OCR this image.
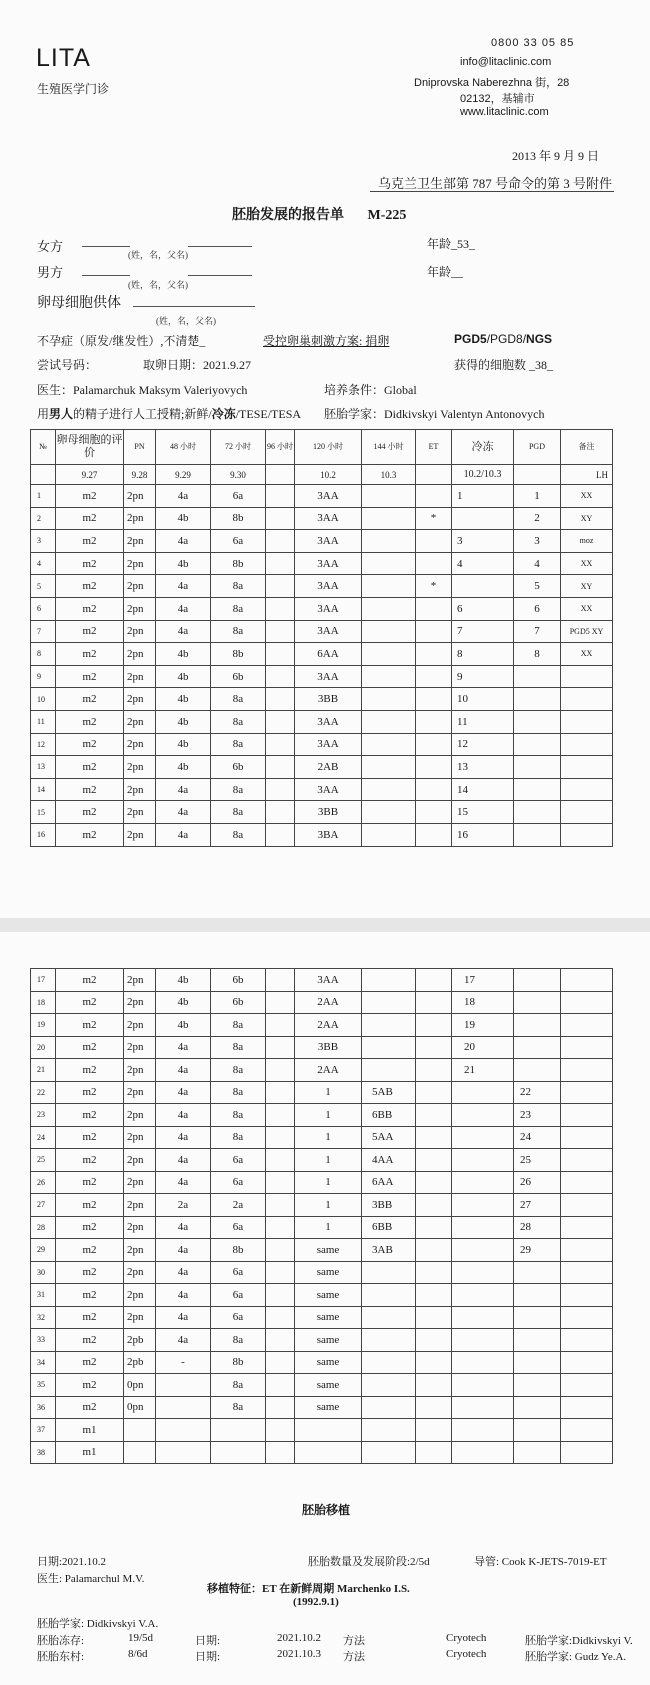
LITA
生殖医学门诊
0800 33 05 85
info@litaclinic.com
Dniprovska Naberezhna 街，28
02132，基辅市
www.litaclinic.com
2013 年 9 月 9 日
乌克兰卫生部第 787 号命令的第 3 号附件
胚胎发展的报告单 M-225
女方
(姓，名，父名)
年龄_53_
男方
(姓，名，父名)
年龄__
卵母细胞供体
(姓，名，父名)
不孕症（原发/继发性）,不清楚_	受控卵巢刺激方案: 捐卵	PGD5/PGD8/NGS
尝试号码：	取卵日期：2021.9.27	获得的细胞数 _38_
医生：Palamarchuk Maksym Valeriyovych	培养条件：Global
用男人的精子进行人工授精;新鲜/冷冻/TESE/TESA 胚胎学家：Didkivskyi Valentyn Antonovych
№	卵母细胞的评价	PN	48 小时	72 小时	96 小时	120 小时	144 小时	ET	冷冻	PGD	备注
	9.27	9.28	9.29	9.30		10.2	10.3		10.2/10.3		LH
1	m2	2pn	4a	6a		3AA			1	1	XX
2	m2	2pn	4b	8b		3AA		*		2	XY
3	m2	2pn	4a	6a		3AA			3	3	moz
4	m2	2pn	4b	8b		3AA			4	4	XX
5	m2	2pn	4a	8a		3AA		*		5	XY
6	m2	2pn	4a	8a		3AA			6	6	XX
7	m2	2pn	4a	8a		3AA			7	7	PGD5 XY
8	m2	2pn	4b	8b		6AA			8	8	XX
9	m2	2pn	4b	6b		3AA			9		
10	m2	2pn	4b	8a		3BB			10		
11	m2	2pn	4b	8a		3AA			11		
12	m2	2pn	4b	8a		3AA			12		
13	m2	2pn	4b	6b		2AB			13		
14	m2	2pn	4a	8a		3AA			14		
15	m2	2pn	4a	8a		3BB			15		
16	m2	2pn	4a	8a		3BA			16		
17	m2	2pn	4b	6b		3AA			17		
18	m2	2pn	4b	6b		2AA			18		
19	m2	2pn	4b	8a		2AA			19		
20	m2	2pn	4a	8a		3BB			20		
21	m2	2pn	4a	8a		2AA			21		
22	m2	2pn	4a	8a		1	5AB			22	
23	m2	2pn	4a	8a		1	6BB			23	
24	m2	2pn	4a	8a		1	5AA			24	
25	m2	2pn	4a	6a		1	4AA			25	
26	m2	2pn	4a	6a		1	6AA			26	
27	m2	2pn	2a	2a		1	3BB			27	
28	m2	2pn	4a	6a		1	6BB			28	
29	m2	2pn	4a	8b		same	3AB			29	
30	m2	2pn	4a	6a		same					
31	m2	2pn	4a	6a		same					
32	m2	2pn	4a	6a		same					
33	m2	2pb	4a	8a		same					
34	m2	2pb	-	8b		same					
35	m2	0pn		8a		same					
36	m2	0pn		8a		same					
37	m1										
38	m1										
胚胎移植
日期:2021.10.2	胚胎数量及发展阶段:2/5d	导管: Cook K-JETS-7019-ET
医生: Palamarchul M.V.
移植特征：ET 在新鲜周期 Marchenko I.S.
(1992.9.1)
胚胎学家: Didkivskyi V.A.
胚胎冻存:	19/5d	日期:	2021.10.2 方法	Cryotech	胚胎学家:Didkivskyi V.
胚胎东村:	8/6d	日期:	2021.10.3 方法	Cryotech	胚胎学家: Gudz Ye.A.
